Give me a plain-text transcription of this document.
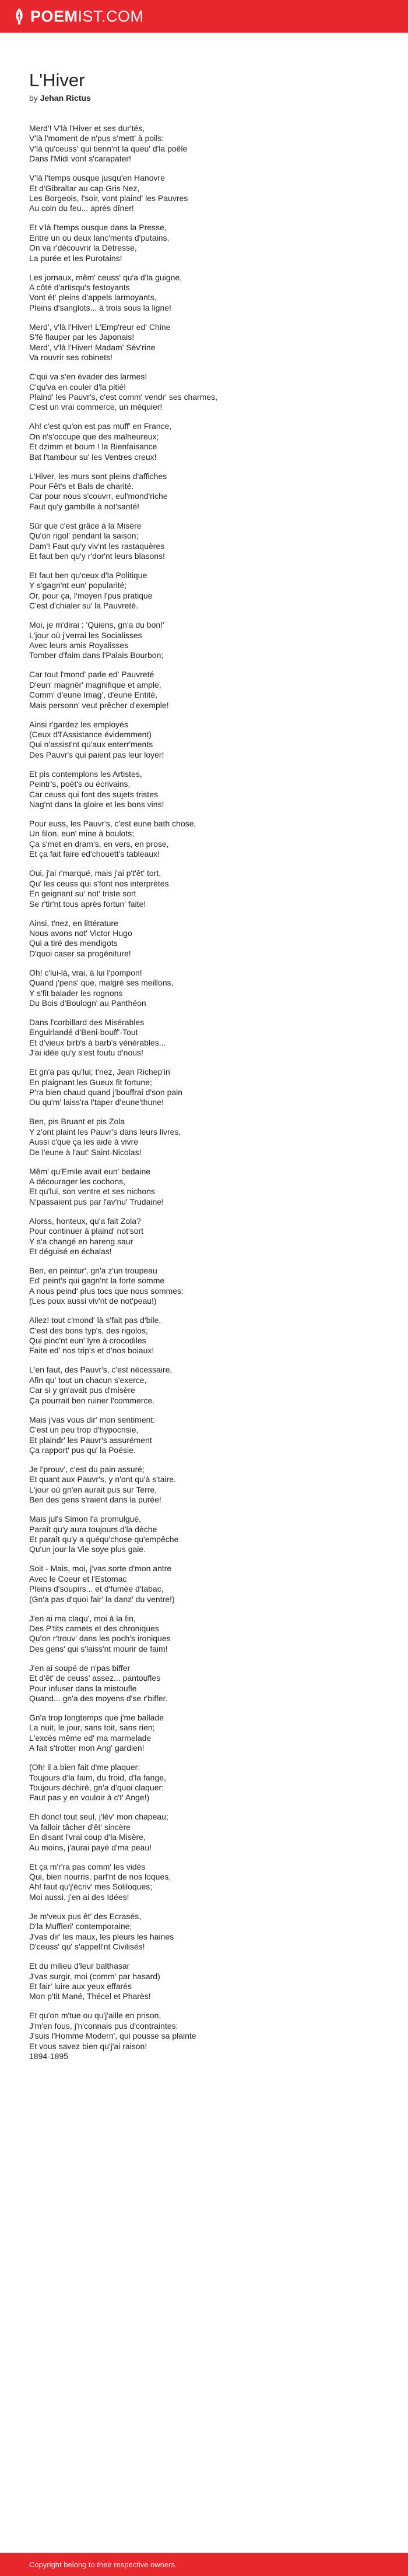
POEMIST.COM
L'Hiver
by Jehan Rictus
Merd'! V'là l'Hiver et ses dur'tés,
V'là l'moment de n'pus s'mett' à poils:
V'là qu'ceuss' qui tienn'nt la queu' d'la poêle
Dans l'Midi vont s'carapater!
V'là l'temps ousque jusqu'en Hanovre
Et d'Gibraltar au cap Gris Nez,
Les Borgeois, l'soir, vont plaind' les Pauvres
Au coin du feu... après dîner!
Et v'là l'temps ousque dans la Presse,
Entre un ou deux lanc'ments d'putains,
On va r'découvrir la Détresse,
La purée et les Purotains!
Les jornaux, mêm' ceuss' qu'a d'la guigne,
A côté d'artisqu's festoyants
Vont ét' pleins d'appels larmoyants,
Pleins d'sanglots... à trois sous la ligne!
Merd', v'là l'Hiver! L'Emp'reur ed' Chine
S'fé flauper par les Japonais!
Merd', v'là l'Hiver! Madam' Sév'rine
Va rouvrir ses robinets!
C'qui va s'en évader des larmes!
C'qu'va en couler d'la pitié!
Plaind' les Pauvr's, c'est comm' vendr' ses charmes,
C'est un vrai commerce, un méquier!
Ah! c'est qu'on est pas muff' en France,
On n's'occupe que des malheureux;
Et dzimm et boum ! la Bienfaisance
Bat l'tambour su' les Ventres creux!
L'Hiver, les murs sont pleins d'affiches
Pour Fêt's et Bals de charité.
Car pour nous s'couvrr, eul'mond'riche
Faut qu'y gambille à not'santé!
Sûr que c'est grâce à la Misère
Qu'on rigol' pendant la saison;
Dam'! Faut qu'y viv'nt les rastaquères
Et faut ben qu'y r'dor'nt leurs blasons!
Et faut ben qu'ceux d'la Politique
Y s'gagn'nt eun' popularité;
Or, pour ça, l'moyen l'pus pratique
C'est d'chialer su' la Pauvreté.
Moi, je m'dirai : 'Quiens, gn'a du bon!'
L'jour où j'verrai les Socialisses
Avec leurs amis Royalisses
Tomber d'faim dans l'Palais Bourbon;
Car tout l'mond' parle ed' Pauvreté
D'eun' magnér' magnifique et ample,
Comm' d'eune Imag', d'eune Entité,
Mais personn' veut prêcher d'exemple!
Ainsi r'gardez les employés
(Ceux d'l'Assistance évidemment)
Qui n'assist'nt qu'aux enterr'ments
Des Pauvr's qui paient pas leur loyer!
Et pis contemplons les Artistes,
Peintr's, poèt's ou écrivains,
Car ceuss qui font des sujets tristes
Nag'nt dans la gloire et les bons vins!
Pour euss, les Pauvr's, c'est eune bath chose,
Un filon, eun' mine à boulots;
Ça s'met en dram's, en vers, en prose,
Et ça fait faire ed'chouett's tableaux!
Oui, j'ai r'marqué, mais j'ai p't'êt' tort,
Qu' les ceuss qui s'font nos interprètes
En geignant su' not' triste sort
Se r'tir'nt tous après fortun' faite!
Ainsi, t'nez, en littérature
Nous avons not' Victor Hugo
Qui a tiré des mendigots
D'quoi caser sa progéniture!
Oh! c'lui-là, vrai, à lui l'pompon!
Quand j'pens' que, malgré ses meillons,
Y s'fit balader les rognons
Du Bois d'Boulogn' au Panthéon
Dans l'corbillard des Misérables
Enguirlandé d'Beni-bouff'-Tout
Et d'vieux birb's à barb's vénérables...
J'ai idée qu'y s'est foutu d'nous!
Et gn'a pas qu'lui; t'nez, Jean Richep'in
En plaignant les Gueux fit fortune;
P'ra bien chaud quand j'bouffrai d'son pain
Ou qu'm' laiss'ra l'taper d'eune'thune!
Ben, pis Bruant et pis Zola
Y z'ont plaint les Pauvr's dans leurs livres,
Aussi c'que ça les aide à vivre
De l'eune à l'aut' Saint-Nicolas!
Mêm' qu'Emile avait eun' bedaine
A décourager les cochons,
Et qu'lui, son ventre et ses nichons
N'passaient pus par l'av'nu' Trudaine!
Alorss, honteux, qu'a fait Zola?
Pour continuer à plaind' not'sort
Y s'a changé en hareng saur
Et déguisé en échalas!
Ben, en peintur', gn'a z'un troupeau
Ed' peint's qui gagn'nt la forte somme
A nous peind' plus tocs que nous sommes:
(Les poux aussi viv'nt de not'peau!)
Allez! tout c'mond' là s'fait pas d'bile,
C'est des bons typ's, des rigolos,
Qui pinc'nt eun' lyre à crocodiles
Faite ed' nos trip's et d'nos boiaux!
L'en faut, des Pauvr's, c'est nécessaire,
Afin qu' tout un chacun s'exerce,
Car si y gn'avait pus d'misère
Ça pourrait ben ruiner l'commerce.
Mais j'vas vous dir' mon sentiment:
C'est un peu trop d'hypocrisie,
Et plaindr' les Pauvr's assurément
Ça rapport' pus qu' la Poésie.
Je l'prouv', c'est du pain assuré;
Et quant aux Pauvr's, y n'ont qu'à s'taire.
L'jour où gn'en aurait pus sur Terre,
Ben des gens s'raient dans la purée!
Mais jul's Simon l'a promulgué,
Paraît qu'y aura toujours d'la dèche
Et paraît qu'y a quéqu'chose qu'empêche
Qu'un jour la Vie soye plus gaie.
Soit - Mais, moi, j'vas sorte d'mon antre
Avec le Coeur et l'Estomac
Pleins d'soupirs... et d'fumée d'tabac,
(Gn'a pas d'quoi fair' la danz' du ventre!)
J'en ai ma claqu', moi à la fin,
Des P'tits carnets et des chroniques
Qu'on r'trouv' dans les poch's ironiques
Des gens' qui s'laiss'nt mourir de faim!
J'en ai soupé de n'pas biffer
Et d'êt' de ceuss' assez... pantoufles
Pour infuser dans la mistoufle
Quand... gn'a des moyens d'se r'biffer.
Gn'a trop longtemps que j'me ballade
La nuit, le jour, sans toit, sans rien;
L'excès même ed' ma marmelade
A fait s'trotter mon Ang' gardien!
(Oh! il a bien fait d'me plaquer:
Toujours d'la faim, du froid, d'la fange,
Toujours déchiré, gn'a d'quoi claquer:
Faut pas y en vouloir à c't' Ange!)
Eh donc! tout seul, j'lév' mon chapeau;
Va falloir tâcher d'êt' sincère
En disant l'vrai coup d'la Misère,
Au moins, j'aurai payé d'ma peau!
Et ça m'r'ra pas comm' les vidés
Qui, bien nourris, parl'nt de nos loques,
Ah! faut qu'j'écriv' mes Soliloques;
Moi aussi, j'en ai des Idées!
Je m'veux pus êt' des Ecrasés,
D'la Muffleri' contemporaine;
J'vas dir' les maux, les pleurs les haines
D'ceuss' qu' s'appell'nt Civilisés!
Et du milieu d'leur balthasar
J'vas surgir, moi (comm' par hasard)
Et fair' luire aux yeux effarés
Mon p'tit Mané, Thécel et Pharès!
Et qu'on m'tue ou qu'j'aille en prison,
J'm'en fous, j'n'connais pus d'contraintes:
J'suis l'Homme Modern', qui pousse sa plainte
Et vous savez bien qu'j'ai raison!
1894-1895
Copyright belong to their respective owners.
